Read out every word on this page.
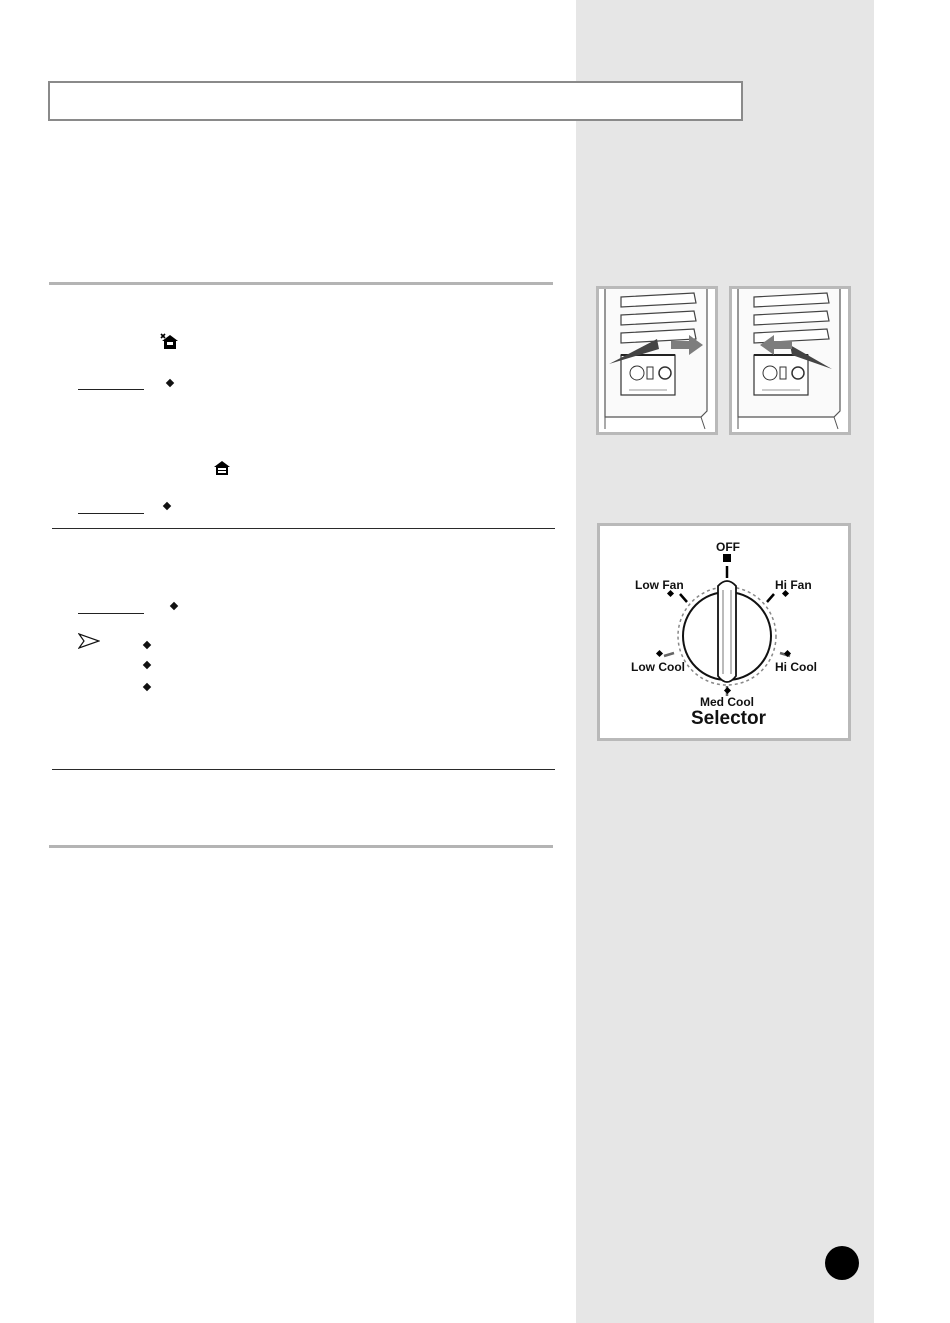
OFF
Low Fan	Hi Fan
Low Cool	Hi Cool
Med Cool
Selector
